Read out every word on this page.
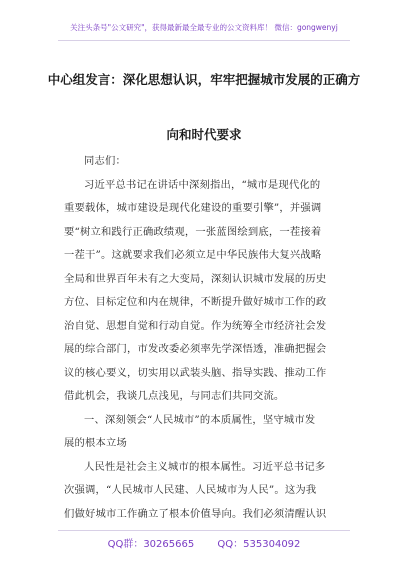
关注头条号"公文研究"，获得最新最全最专业的公文资料库！ 微信：gongwenyj
中心组发言：深化思想认识，牢牢把握城市发展的正确方
向和时代要求
同志们：
习近平总书记在讲话中深刻指出，“城市是现代化的
重要载体，城市建设是现代化建设的重要引擎”，并强调
要“树立和践行正确政绩观，一张蓝图绘到底，一茬接着
一茬干”。这就要求我们必须立足中华民族伟大复兴战略
全局和世界百年未有之大变局，深刻认识城市发展的历史
方位、目标定位和内在规律，不断提升做好城市工作的政
治自觉、思想自觉和行动自觉。作为统筹全市经济社会发
展的综合部门，市发改委必须率先学深悟透，准确把握会
议的核心要义，切实用以武装头脑、指导实践、推动工作
借此机会，我谈几点浅见，与同志们共同交流。
一、深刻领会“人民城市”的本质属性，坚守城市发
展的根本立场
人民性是社会主义城市的根本属性。习近平总书记多
次强调，“人民城市人民建、人民城市为人民”。这为我
们做好城市工作确立了根本价值导向。我们必须清醒认识
QQ群：30265665 QQ：535304092
